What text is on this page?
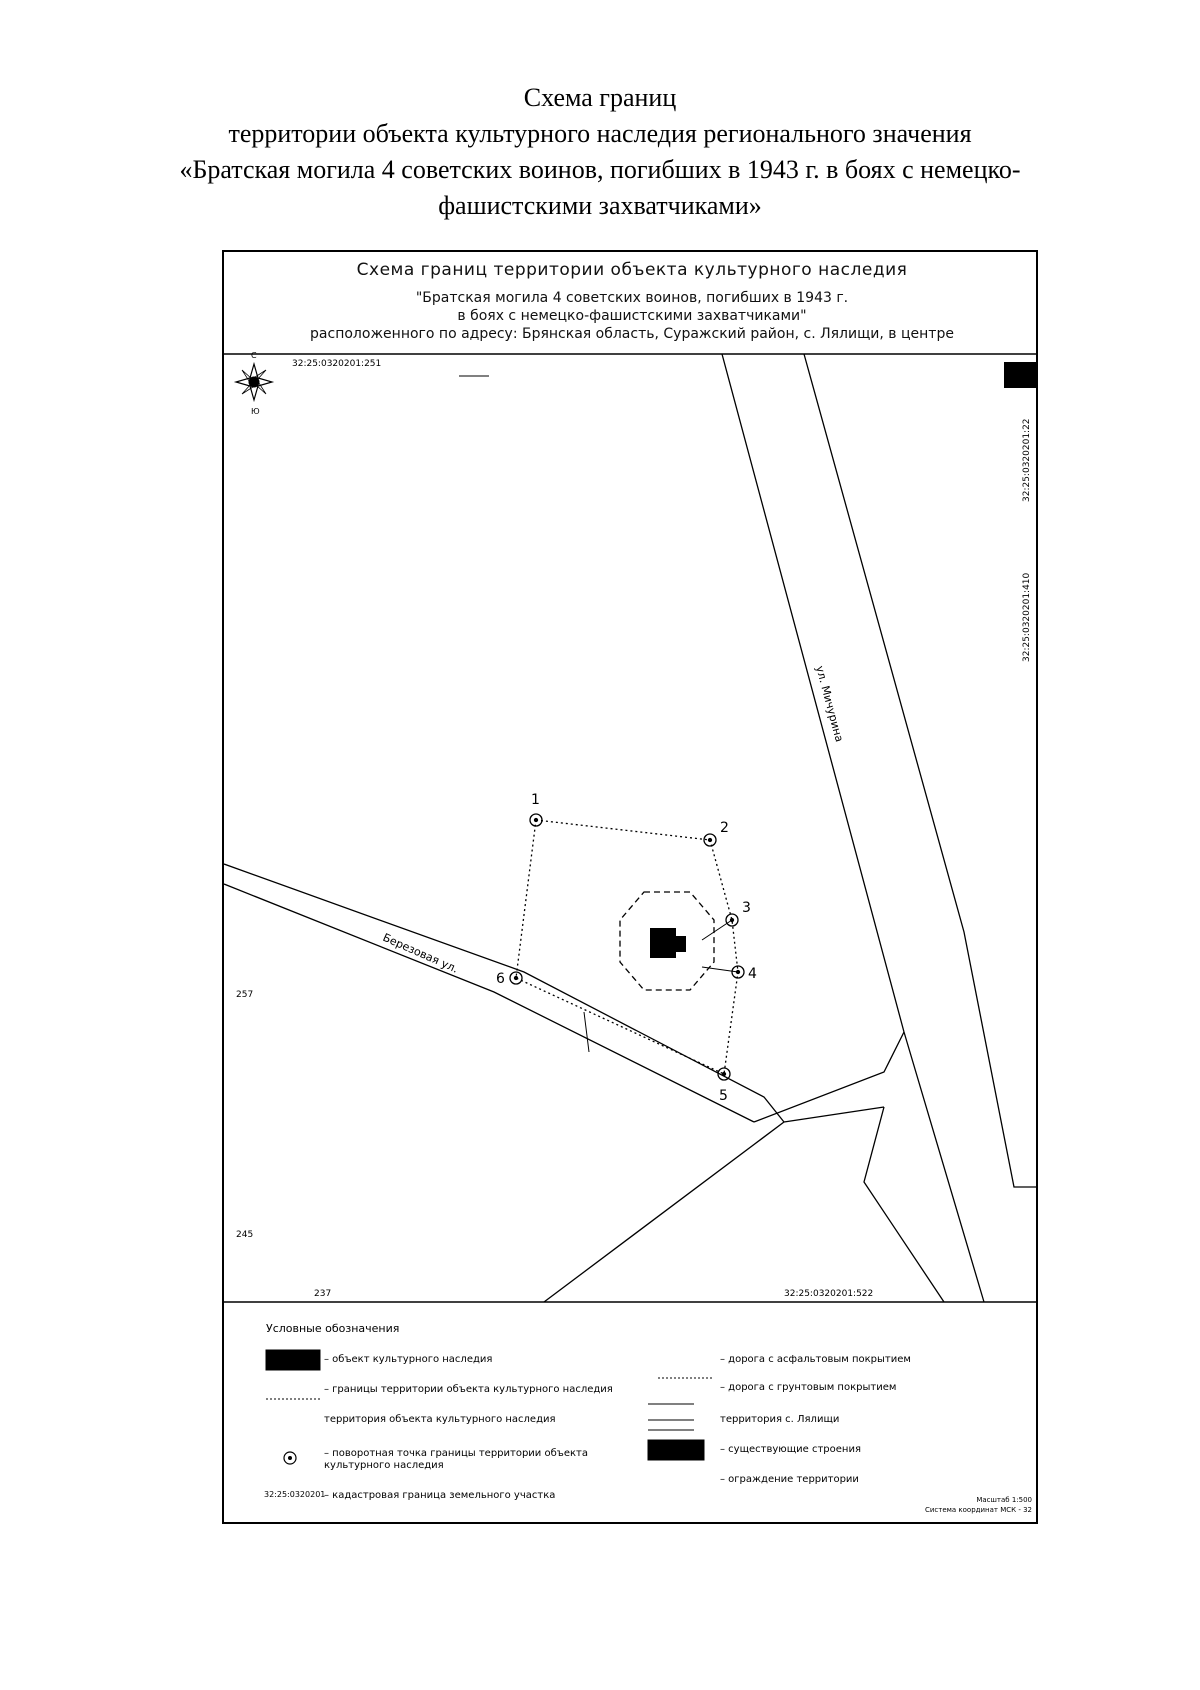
Схема границ
территории объекта культурного наследия регионального значения
«Братская могила 4 советских воинов, погибших в 1943 г. в боях с немецко-
фашистскими захватчиками»
Схема границ территории объекта культурного наследия
"Братская могила 4 советских воинов, погибших в 1943 г.
в боях с немецко-фашистскими захватчиками"
расположенного по адресу: Брянская область, Суражский район, с. Лялищи, в центре
1
2
3
4
5
6
С
Ю
32:25:0320201:251
32:25:0320201:522
257
245
237
32:25:0320201:22
32:25:0320201:410
ул. Мичурина
Березовая ул.
Условные обозначения
– объект культурного наследия
– границы территории объекта культурного наследия
территория объекта культурного наследия
– поворотная точка границы территории объекта
культурного наследия
32:25:0320201
– кадастровая граница земельного участка
– дорога с асфальтовым покрытием
– дорога с грунтовым покрытием
территория с. Лялищи
– существующие строения
– ограждение территории
Масштаб 1:500
Система координат МСК - 32
